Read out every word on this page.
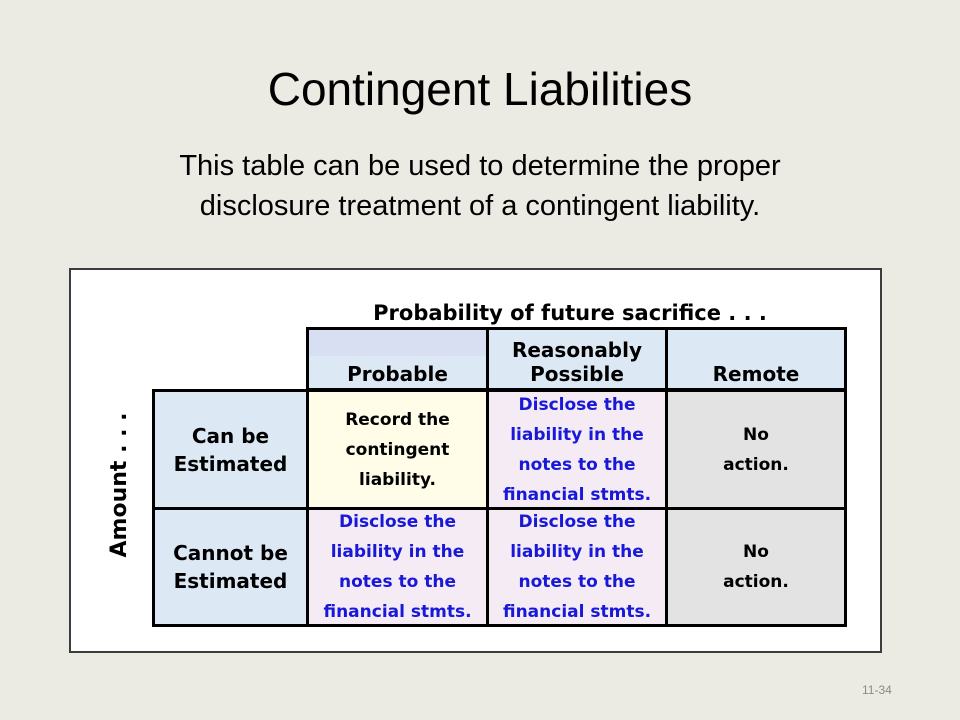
Contingent Liabilities
This table can be used to determine the proper
disclosure treatment of a contingent liability.
Probability of future sacrifice . . .
Amount . . .
Probable
Reasonably
Possible	Remote
Can be
Estimated
Cannot be
Estimated
Record the
contingent
liability.
Disclose the
liability in the
notes to the
financial stmts.
No
action.
Disclose the
liability in the
notes to the
financial stmts.
Disclose the
liability in the
notes to the
financial stmts.
No
action.
11-34
